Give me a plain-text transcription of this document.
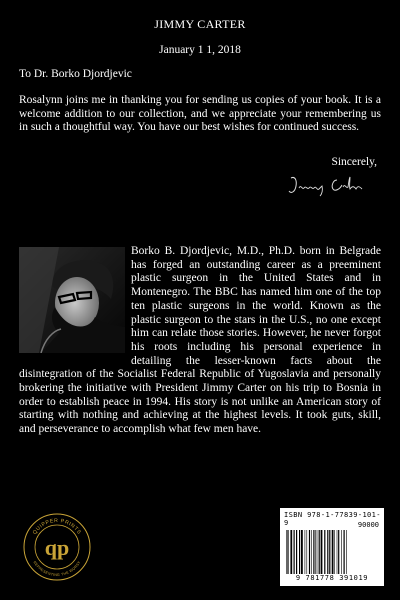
JIMMY CARTER
January 1 1, 2018
To Dr. Borko Djordjevic
Rosalynn joins me in thanking you for sending us copies of your book. It is a welcome addition to our collection, and we appreciate your remembering us in such a thoughtful way. You have our best wishes for continued success.
Sincerely,
Borko B. Djordjevic, M.D., Ph.D. born in Belgrade has forged an outstanding career as a preeminent plastic surgeon in the United States and in Montenegro. The BBC has named him one of the top ten plastic surgeons in the world. Known as the plastic surgeon to the stars in the U.S., no one except him can relate those stories. However, he never forgot his roots including his personal experience in detailing the lesser-known facts about the disintegration of the Socialist Federal Republic of Yugoslavia and personally brokering the initiative with President Jimmy Carter on his trip to Bosnia in order to establish peace in 1994. His story is not unlike an American story of starting with nothing and achieving at the highest levels. It took guts, skill, and perseverance to accomplish what few men have.
qp
QUIPPER PRINTS
REPRESENTING THE WORST
ISBN 978-1-77839-101-9	90000
9 781778 391019
